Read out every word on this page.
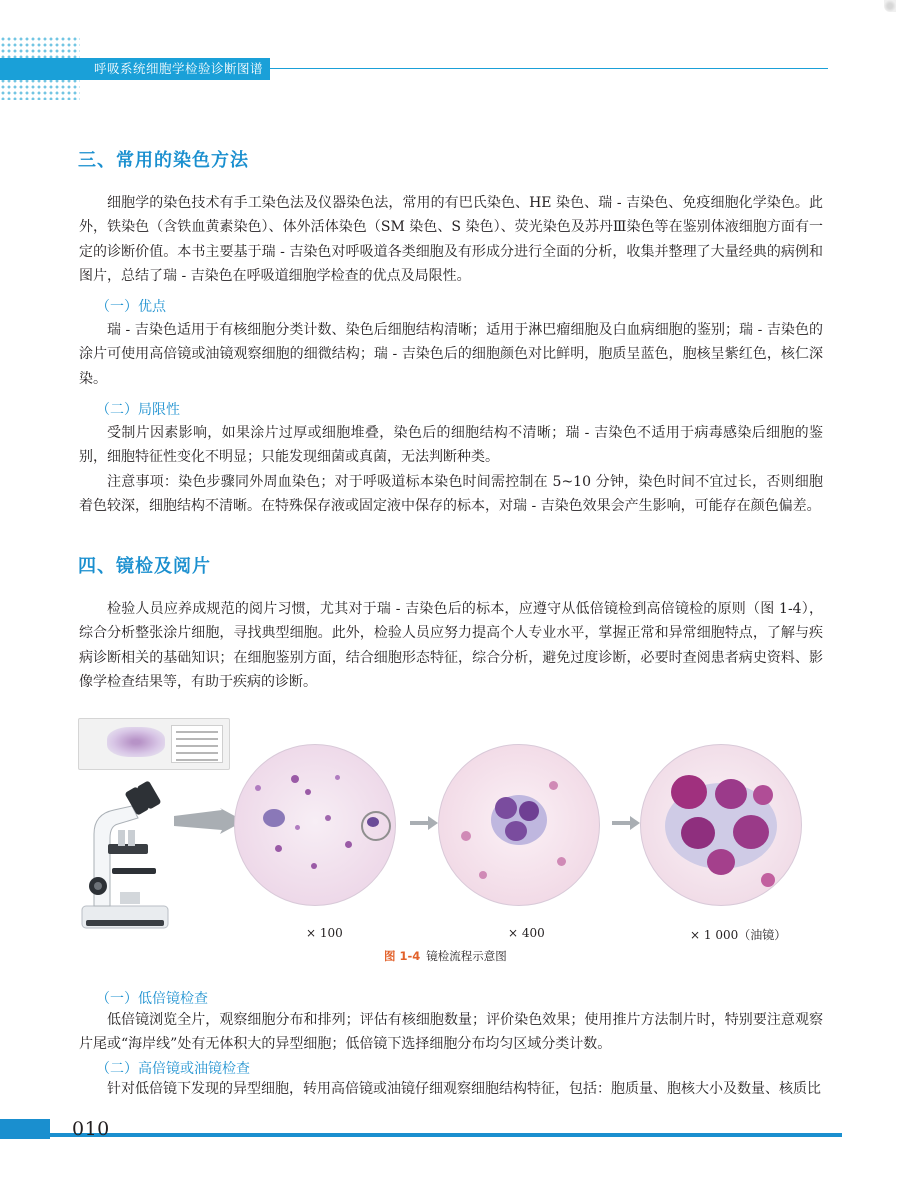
呼吸系统细胞学检验诊断图谱
三、常用的染色方法

细胞学的染色技术有手工染色法及仪器染色法，常用的有巴氏染色、HE 染色、瑞 - 吉染色、免疫细胞化学染色。此外，铁染色（含铁血黄素染色）、体外活体染色（SM 染色、S 染色）、荧光染色及苏丹Ⅲ染色等在鉴别体液细胞方面有一定的诊断价值。本书主要基于瑞 - 吉染色对呼吸道各类细胞及有形成分进行全面的分析，收集并整理了大量经典的病例和图片，总结了瑞 - 吉染色在呼吸道细胞学检查的优点及局限性。

（一）优点

瑞 - 吉染色适用于有核细胞分类计数、染色后细胞结构清晰；适用于淋巴瘤细胞及白血病细胞的鉴别；瑞 - 吉染色的涂片可使用高倍镜或油镜观察细胞的细微结构；瑞 - 吉染色后的细胞颜色对比鲜明，胞质呈蓝色，胞核呈紫红色，核仁深染。

（二）局限性

受制片因素影响，如果涂片过厚或细胞堆叠，染色后的细胞结构不清晰；瑞 - 吉染色不适用于病毒感染后细胞的鉴别，细胞特征性变化不明显；只能发现细菌或真菌，无法判断种类。

注意事项：染色步骤同外周血染色；对于呼吸道标本染色时间需控制在 5~10 分钟，染色时间不宜过长，否则细胞着色较深，细胞结构不清晰。在特殊保存液或固定液中保存的标本，对瑞 - 吉染色效果会产生影响，可能存在颜色偏差。

四、镜检及阅片

检验人员应养成规范的阅片习惯，尤其对于瑞 - 吉染色后的标本，应遵守从低倍镜检到高倍镜检的原则（图 1-4），综合分析整张涂片细胞，寻找典型细胞。此外，检验人员应努力提高个人专业水平，掌握正常和异常细胞特点，了解与疾病诊断相关的基础知识；在细胞鉴别方面，结合细胞形态特征，综合分析，避免过度诊断，必要时查阅患者病史资料、影像学检查结果等，有助于疾病的诊断。

× 100	× 400	× 1 000（油镜）
图 1-4 镜检流程示意图
（一）低倍镜检查

低倍镜浏览全片，观察细胞分布和排列；评估有核细胞数量；评价染色效果；使用推片方法制片时，特别要注意观察片尾或“海岸线”处有无体积大的异型细胞；低倍镜下选择细胞分布均匀区域分类计数。

（二）高倍镜或油镜检查

针对低倍镜下发现的异型细胞，转用高倍镜或油镜仔细观察细胞结构特征，包括：胞质量、胞核大小及数量、核质比

010
